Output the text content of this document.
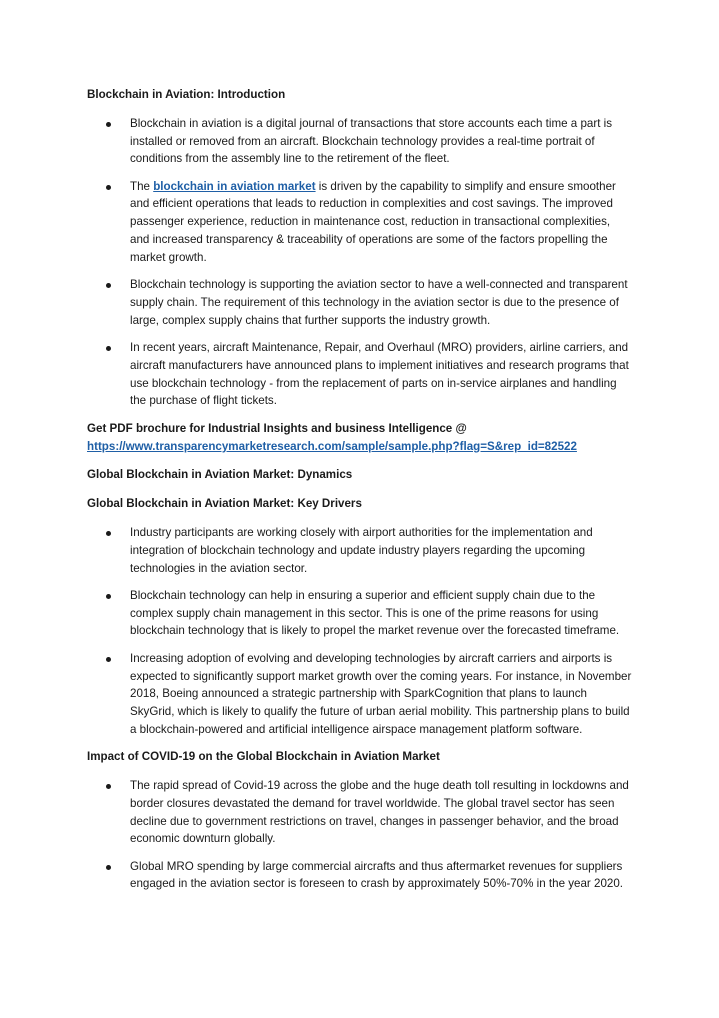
Blockchain in Aviation: Introduction
Blockchain in aviation is a digital journal of transactions that store accounts each time a part is installed or removed from an aircraft. Blockchain technology provides a real-time portrait of conditions from the assembly line to the retirement of the fleet.
The blockchain in aviation market is driven by the capability to simplify and ensure smoother and efficient operations that leads to reduction in complexities and cost savings. The improved passenger experience, reduction in maintenance cost, reduction in transactional complexities, and increased transparency & traceability of operations are some of the factors propelling the market growth.
Blockchain technology is supporting the aviation sector to have a well-connected and transparent supply chain. The requirement of this technology in the aviation sector is due to the presence of large, complex supply chains that further supports the industry growth.
In recent years, aircraft Maintenance, Repair, and Overhaul (MRO) providers, airline carriers, and aircraft manufacturers have announced plans to implement initiatives and research programs that use blockchain technology - from the replacement of parts on in-service airplanes and handling the purchase of flight tickets.
Get PDF brochure for Industrial Insights and business Intelligence @
https://www.transparencymarketresearch.com/sample/sample.php?flag=S&rep_id=82522
Global Blockchain in Aviation Market: Dynamics
Global Blockchain in Aviation Market: Key Drivers
Industry participants are working closely with airport authorities for the implementation and integration of blockchain technology and update industry players regarding the upcoming technologies in the aviation sector.
Blockchain technology can help in ensuring a superior and efficient supply chain due to the complex supply chain management in this sector. This is one of the prime reasons for using blockchain technology that is likely to propel the market revenue over the forecasted timeframe.
Increasing adoption of evolving and developing technologies by aircraft carriers and airports is expected to significantly support market growth over the coming years. For instance, in November 2018, Boeing announced a strategic partnership with SparkCognition that plans to launch SkyGrid, which is likely to qualify the future of urban aerial mobility. This partnership plans to build a blockchain-powered and artificial intelligence airspace management platform software.
Impact of COVID-19 on the Global Blockchain in Aviation Market
The rapid spread of Covid-19 across the globe and the huge death toll resulting in lockdowns and border closures devastated the demand for travel worldwide. The global travel sector has seen decline due to government restrictions on travel, changes in passenger behavior, and the broad economic downturn globally.
Global MRO spending by large commercial aircrafts and thus aftermarket revenues for suppliers engaged in the aviation sector is foreseen to crash by approximately 50%-70% in the year 2020.
